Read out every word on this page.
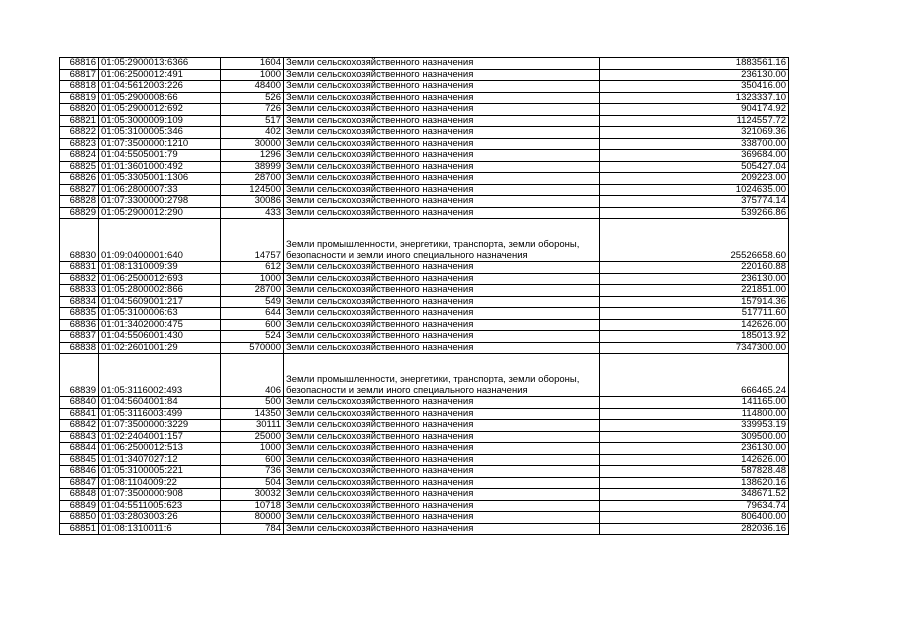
68816	01:05:2900013:6366	1604	Земли сельскохозяйственного назначения	1883561.16
68817	01:06:2500012:491	1000	Земли сельскохозяйственного назначения	236130.00
68818	01:04:5612003:226	48400	Земли сельскохозяйственного назначения	350416.00
68819	01:05:2900008:66	526	Земли сельскохозяйственного назначения	1323337.10
68820	01:05:2900012:692	726	Земли сельскохозяйственного назначения	904174.92
68821	01:05:3000009:109	517	Земли сельскохозяйственного назначения	1124557.72
68822	01:05:3100005:346	402	Земли сельскохозяйственного назначения	321069.36
68823	01:07:3500000:1210	30000	Земли сельскохозяйственного назначения	338700.00
68824	01:04:5505001:79	1296	Земли сельскохозяйственного назначения	369684.00
68825	01:01:3601000:492	38999	Земли сельскохозяйственного назначения	505427.04
68826	01:05:3305001:1306	28700	Земли сельскохозяйственного назначения	209223.00
68827	01:06:2800007:33	124500	Земли сельскохозяйственного назначения	1024635.00
68828	01:07:3300000:2798	30086	Земли сельскохозяйственного назначения	375774.14
68829	01:05:2900012:290	433	Земли сельскохозяйственного назначения	539266.86
68830	01:09:0400001:640	14757	Земли промышленности, энергетики, транспорта, земли обороны, безопасности и земли иного специального назначения	25526658.60
68831	01:08:1310009:39	612	Земли сельскохозяйственного назначения	220160.88
68832	01:06:2500012:693	1000	Земли сельскохозяйственного назначения	236130.00
68833	01:05:2800002:866	28700	Земли сельскохозяйственного назначения	221851.00
68834	01:04:5609001:217	549	Земли сельскохозяйственного назначения	157914.36
68835	01:05:3100006:63	644	Земли сельскохозяйственного назначения	517711.60
68836	01:01:3402000:475	600	Земли сельскохозяйственного назначения	142626.00
68837	01:04:5506001:430	524	Земли сельскохозяйственного назначения	185013.92
68838	01:02:2601001:29	570000	Земли сельскохозяйственного назначения	7347300.00
68839	01:05:3116002:493	406	Земли промышленности, энергетики, транспорта, земли обороны, безопасности и земли иного специального назначения	666465.24
68840	01:04:5604001:84	500	Земли сельскохозяйственного назначения	141165.00
68841	01:05:3116003:499	14350	Земли сельскохозяйственного назначения	114800.00
68842	01:07:3500000:3229	30111	Земли сельскохозяйственного назначения	339953.19
68843	01:02:2404001:157	25000	Земли сельскохозяйственного назначения	309500.00
68844	01:06:2500012:513	1000	Земли сельскохозяйственного назначения	236130.00
68845	01:01:3407027:12	600	Земли сельскохозяйственного назначения	142626.00
68846	01:05:3100005:221	736	Земли сельскохозяйственного назначения	587828.48
68847	01:08:1104009:22	504	Земли сельскохозяйственного назначения	138620.16
68848	01:07:3500000:908	30032	Земли сельскохозяйственного назначения	348671.52
68849	01:04:5511005:623	10718	Земли сельскохозяйственного назначения	79634.74
68850	01:03:2803003:26	80000	Земли сельскохозяйственного назначения	806400.00
68851	01:08:1310011:6	784	Земли сельскохозяйственного назначения	282036.16
